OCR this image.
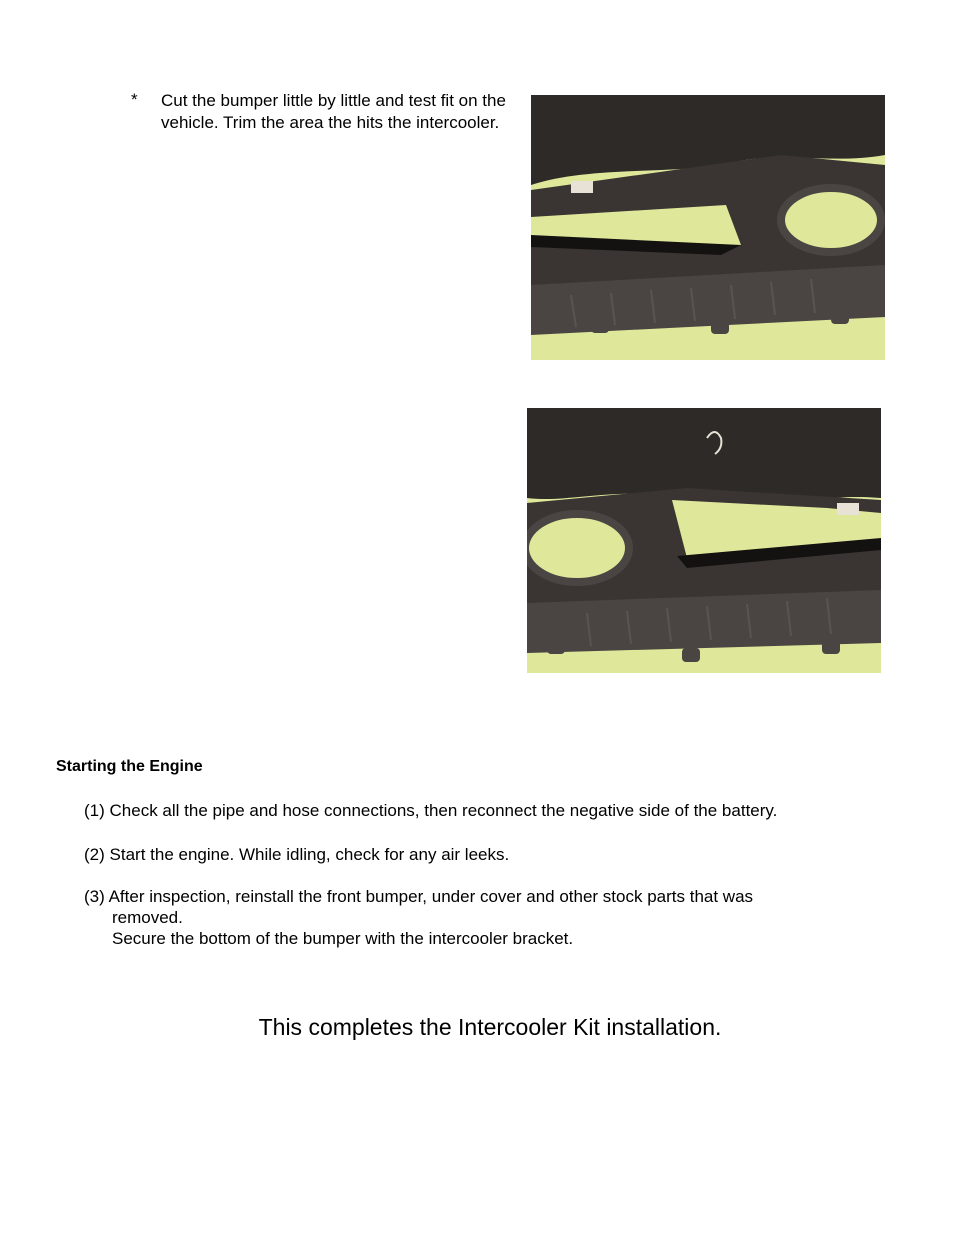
* Cut the bumper little by little and test fit on the vehicle. Trim the area the hits the intercooler.
Starting the Engine
(1) Check all the pipe and hose connections, then reconnect the negative side of the battery.
(2) Start the engine. While idling, check for any air leeks.
(3) After inspection, reinstall the front bumper, under cover and other stock parts that was
removed.
Secure the bottom of the bumper with the intercooler bracket.
This completes the Intercooler Kit installation.
